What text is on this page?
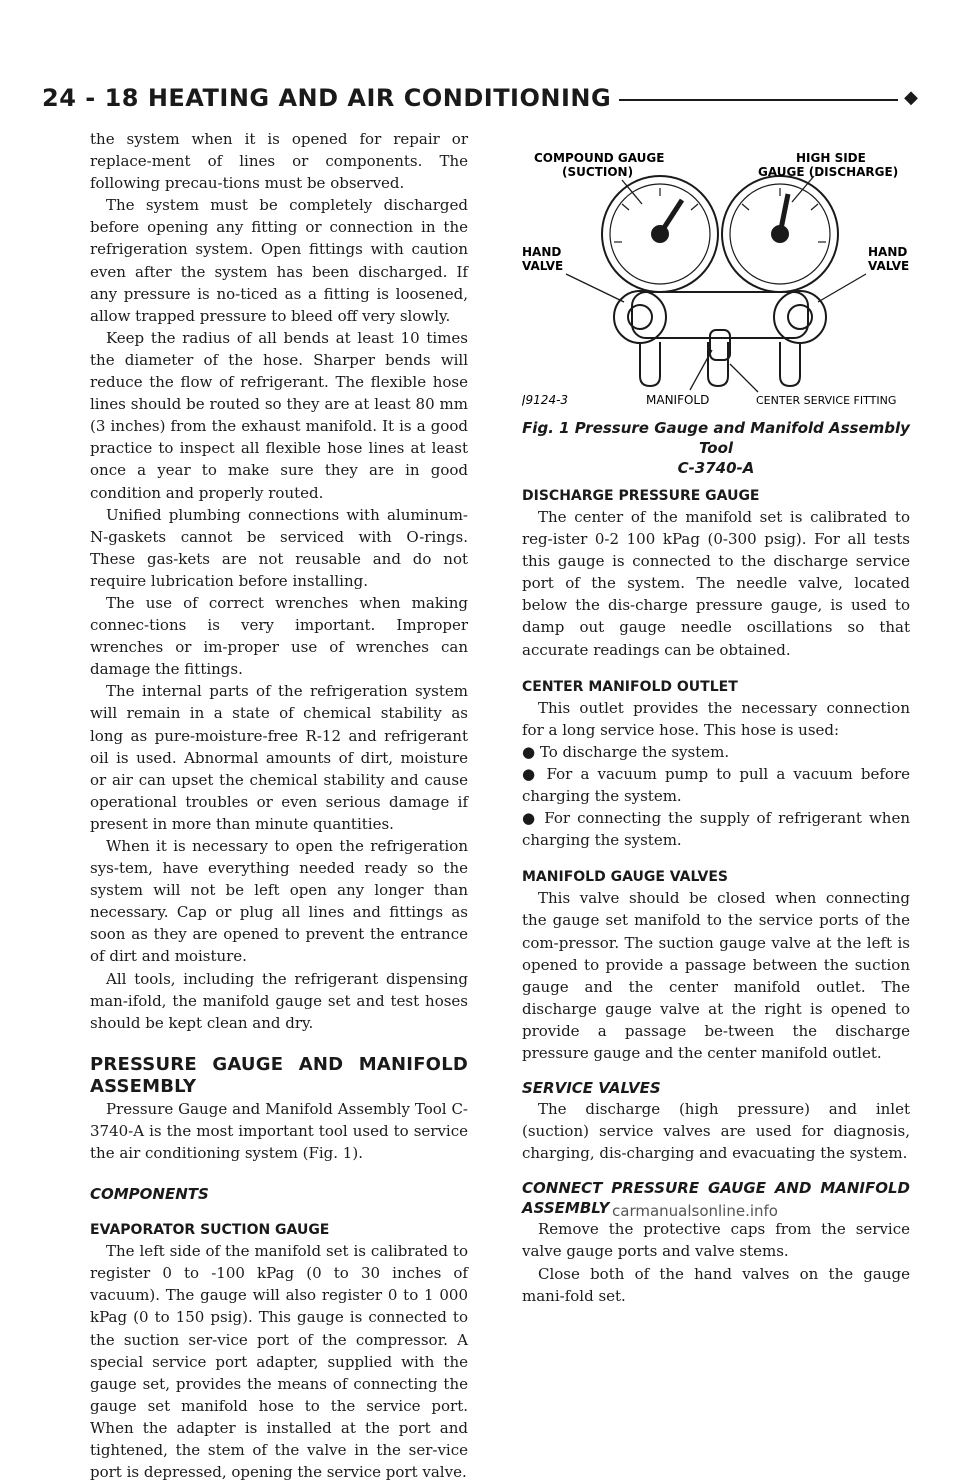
24 - 18 HEATING AND AIR CONDITIONING	◆

the system when it is opened for repair or replace-ment of lines or components. The following precau-tions must be observed.

The system must be completely discharged before opening any fitting or connection in the refrigeration system. Open fittings with caution even after the system has been discharged. If any pressure is no-ticed as a fitting is loosened, allow trapped pressure to bleed off very slowly.

Keep the radius of all bends at least 10 times the diameter of the hose. Sharper bends will reduce the flow of refrigerant. The flexible hose lines should be routed so they are at least 80 mm (3 inches) from the exhaust manifold. It is a good practice to inspect all flexible hose lines at least once a year to make sure they are in good condition and properly routed.

Unified plumbing connections with aluminum-N-gaskets cannot be serviced with O-rings. These gas-kets are not reusable and do not require lubrication before installing.

The use of correct wrenches when making connec-tions is very important. Improper wrenches or im-proper use of wrenches can damage the fittings.

The internal parts of the refrigeration system will remain in a state of chemical stability as long as pure-moisture-free R-12 and refrigerant oil is used. Abnormal amounts of dirt, moisture or air can upset the chemical stability and cause operational troubles or even serious damage if present in more than minute quantities.

When it is necessary to open the refrigeration sys-tem, have everything needed ready so the system will not be left open any longer than necessary. Cap or plug all lines and fittings as soon as they are opened to prevent the entrance of dirt and moisture.

All tools, including the refrigerant dispensing man-ifold, the manifold gauge set and test hoses should be kept clean and dry.

PRESSURE GAUGE AND MANIFOLD ASSEMBLY

Pressure Gauge and Manifold Assembly Tool C-3740-A is the most important tool used to service the air conditioning system (Fig. 1).

COMPONENTS
EVAPORATOR SUCTION GAUGE

The left side of the manifold set is calibrated to register 0 to -100 kPag (0 to 30 inches of vacuum). The gauge will also register 0 to 1 000 kPag (0 to 150 psig). This gauge is connected to the suction ser-vice port of the compressor. A special service port adapter, supplied with the gauge set, provides the means of connecting the gauge set manifold hose to the service port. When the adapter is installed at the port and tightened, the stem of the valve in the ser-vice port is depressed, opening the service port valve.

COMPOUND GAUGE
(SUCTION)
HIGH SIDE
GAUGE (DISCHARGE)
HAND
VALVE
HAND
VALVE
J9124-3	MANIFOLD	CENTER SERVICE FITTING
Fig. 1 Pressure Gauge and Manifold Assembly Tool
C-3740-A
DISCHARGE PRESSURE GAUGE

The center of the manifold set is calibrated to reg-ister 0-2 100 kPag (0-300 psig). For all tests this gauge is connected to the discharge service port of the system. The needle valve, located below the dis-charge pressure gauge, is used to damp out gauge needle oscillations so that accurate readings can be obtained.

CENTER MANIFOLD OUTLET

This outlet provides the necessary connection for a long service hose. This hose is used:

● To discharge the system.

● For a vacuum pump to pull a vacuum before charging the system.

● For connecting the supply of refrigerant when charging the system.

MANIFOLD GAUGE VALVES

This valve should be closed when connecting the gauge set manifold to the service ports of the com-pressor. The suction gauge valve at the left is opened to provide a passage between the suction gauge and the center manifold outlet. The discharge gauge valve at the right is opened to provide a passage be-tween the discharge pressure gauge and the center manifold outlet.

SERVICE VALVES

The discharge (high pressure) and inlet (suction) service valves are used for diagnosis, charging, dis-charging and evacuating the system.

CONNECT PRESSURE GAUGE AND MANIFOLD ASSEMBLY

Remove the protective caps from the service valve gauge ports and valve stems.

Close both of the hand valves on the gauge mani-fold set.

carmanualsonline.info
